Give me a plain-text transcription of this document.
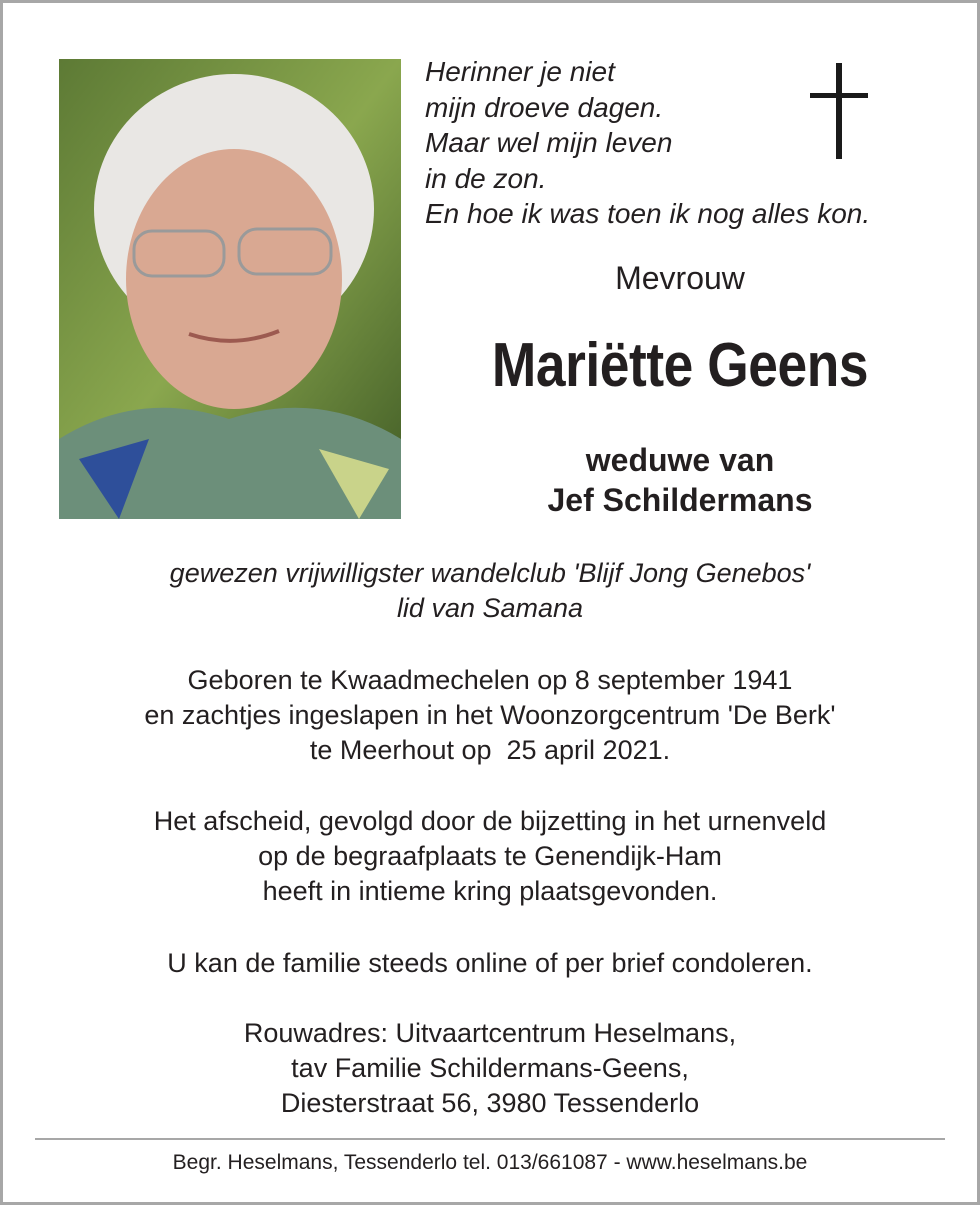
Herinner je niet
mijn droeve dagen.
Maar wel mijn leven
in de zon.
En hoe ik was toen ik nog alles kon.
Mevrouw
Mariëtte Geens
weduwe van
Jef Schildermans
gewezen vrijwilligster wandelclub 'Blijf Jong Genebos'
lid van Samana
Geboren te Kwaadmechelen op 8 september 1941
en zachtjes ingeslapen in het Woonzorgcentrum 'De Berk'
te Meerhout op  25 april 2021.
Het afscheid, gevolgd door de bijzetting in het urnenveld
op de begraafplaats te Genendijk-Ham
heeft in intieme kring plaatsgevonden.
U kan de familie steeds online of per brief condoleren.
Rouwadres: Uitvaartcentrum Heselmans,
tav Familie Schildermans-Geens,
Diesterstraat 56, 3980 Tessenderlo
Begr. Heselmans, Tessenderlo tel. 013/661087 - www.heselmans.be
